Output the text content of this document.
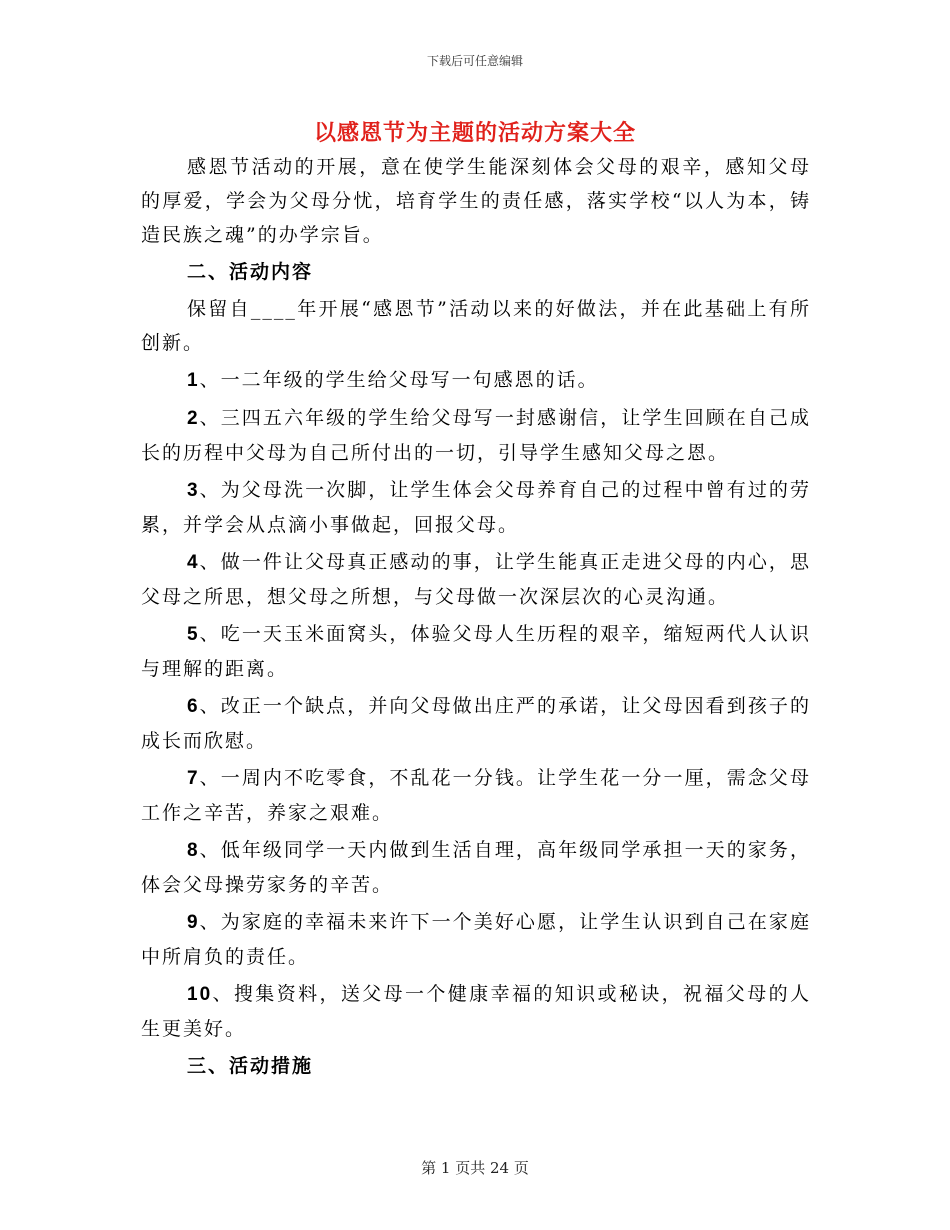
下载后可任意编辑
以感恩节为主题的活动方案大全

感恩节活动的开展，意在使学生能深刻体会父母的艰辛，感知父母的厚爱，学会为父母分忧，培育学生的责任感，落实学校“以人为本，铸造民族之魂”的办学宗旨。

二、活动内容

保留自____年开展“感恩节”活动以来的好做法，并在此基础上有所创新。

1、一二年级的学生给父母写一句感恩的话。

2、三四五六年级的学生给父母写一封感谢信，让学生回顾在自己成长的历程中父母为自己所付出的一切，引导学生感知父母之恩。

3、为父母洗一次脚，让学生体会父母养育自己的过程中曾有过的劳累，并学会从点滴小事做起，回报父母。

4、做一件让父母真正感动的事，让学生能真正走进父母的内心，思父母之所思，想父母之所想，与父母做一次深层次的心灵沟通。

5、吃一天玉米面窝头，体验父母人生历程的艰辛，缩短两代人认识与理解的距离。

6、改正一个缺点，并向父母做出庄严的承诺，让父母因看到孩子的成长而欣慰。

7、一周内不吃零食，不乱花一分钱。让学生花一分一厘，需念父母工作之辛苦，养家之艰难。

8、低年级同学一天内做到生活自理，高年级同学承担一天的家务，体会父母操劳家务的辛苦。

9、为家庭的幸福未来许下一个美好心愿，让学生认识到自己在家庭中所肩负的责任。

10、搜集资料，送父母一个健康幸福的知识或秘诀，祝福父母的人生更美好。

三、活动措施

第 1 页共 24 页
